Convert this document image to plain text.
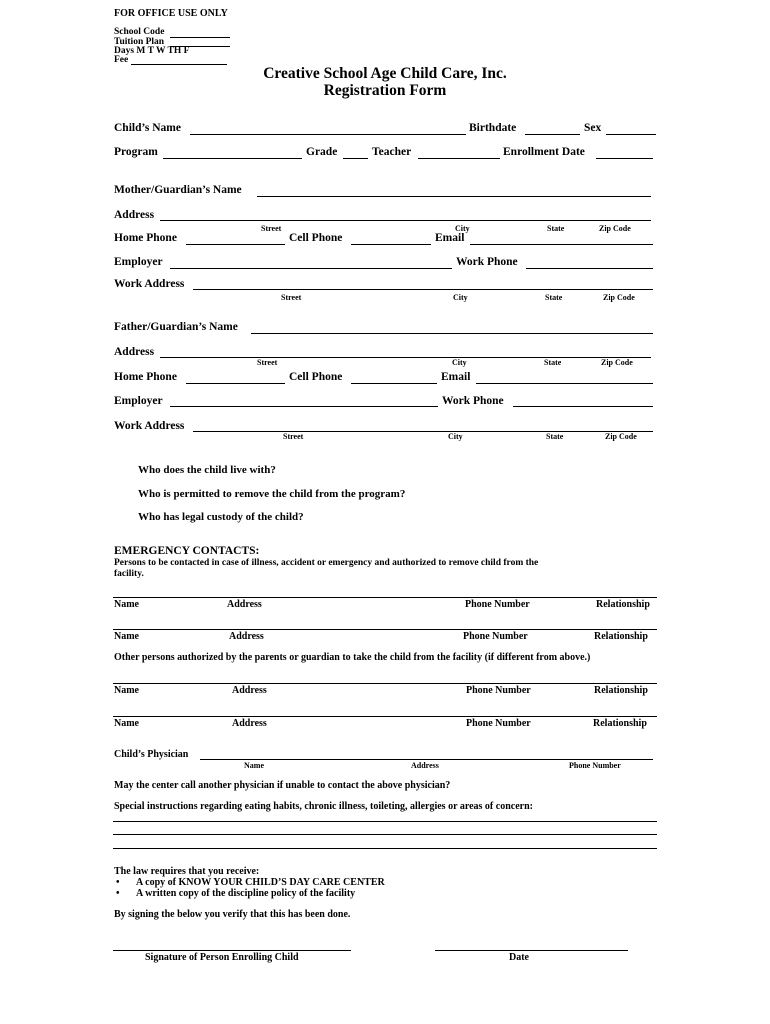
FOR OFFICE USE ONLY
School Code
Tuition Plan
Days M T W TH F
Fee
Creative School Age Child Care, Inc.
Registration Form
Child’s Name	Birthdate	Sex
Program	Grade	Teacher	Enrollment Date
Mother/Guardian’s Name
Address
Street	City	State	Zip Code
Home Phone	Cell Phone	Email
Employer	Work Phone
Work Address
Street	City	State	Zip Code
Father/Guardian’s Name
Address
Street	City	State	Zip Code
Home Phone	Cell Phone	Email
Employer	Work Phone
Work Address
Street	City	State	Zip Code
Who does the child live with?
Who is permitted to remove the child from the program?
Who has legal custody of the child?
EMERGENCY CONTACTS:
Persons to be contacted in case of illness, accident or emergency and authorized to remove child from the
facility.
Name	Address	Phone Number	Relationship
Name	Address	Phone Number	Relationship
Other persons authorized by the parents or guardian to take the child from the facility (if different from above.)
Name	Address	Phone Number	Relationship
Name	Address	Phone Number	Relationship
Child’s Physician
Name	Address	Phone Number
May the center call another physician if unable to contact the above physician?
Special instructions regarding eating habits, chronic illness, toileting, allergies or areas of concern:
The law requires that you receive:
• A copy of KNOW YOUR CHILD’S DAY CARE CENTER
• A written copy of the discipline policy of the facility
By signing the below you verify that this has been done.
Signature of Person Enrolling Child	Date
